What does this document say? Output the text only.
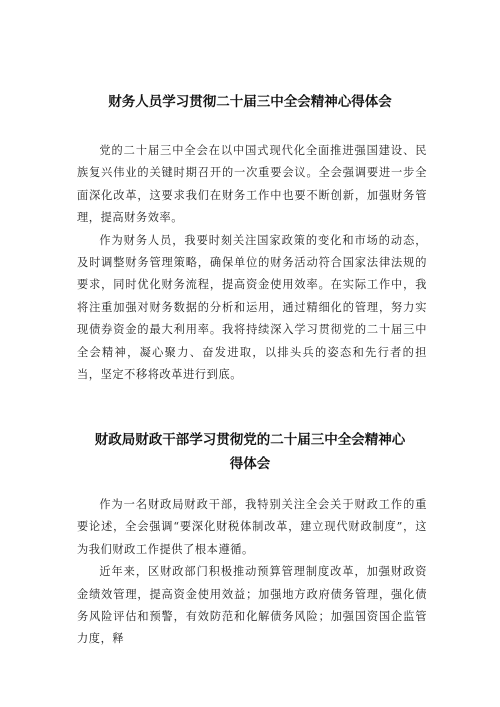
财务人员学习贯彻二十届三中全会精神心得体会

党的二十届三中全会在以中国式现代化全面推进强国建设、民族复兴伟业的关键时期召开的一次重要会议。全会强调要进一步全面深化改革，这要求我们在财务工作中也要不断创新，加强财务管理，提高财务效率。

作为财务人员，我要时刻关注国家政策的变化和市场的动态，及时调整财务管理策略，确保单位的财务活动符合国家法律法规的要求，同时优化财务流程，提高资金使用效率。在实际工作中，我将注重加强对财务数据的分析和运用，通过精细化的管理，努力实现债券资金的最大利用率。我将持续深入学习贯彻党的二十届三中全会精神，凝心聚力、奋发进取，以排头兵的姿态和先行者的担当，坚定不移将改革进行到底。

财政局财政干部学习贯彻党的二十届三中全会精神心
得体会

作为一名财政局财政干部，我特别关注全会关于财政工作的重要论述，全会强调“要深化财税体制改革，建立现代财政制度”，这为我们财政工作提供了根本遵循。

近年来，区财政部门积极推动预算管理制度改革，加强财政资金绩效管理，提高资金使用效益；加强地方政府债务管理，强化债务风险评估和预警，有效防范和化解债务风险；加强国资国企监管力度，释
